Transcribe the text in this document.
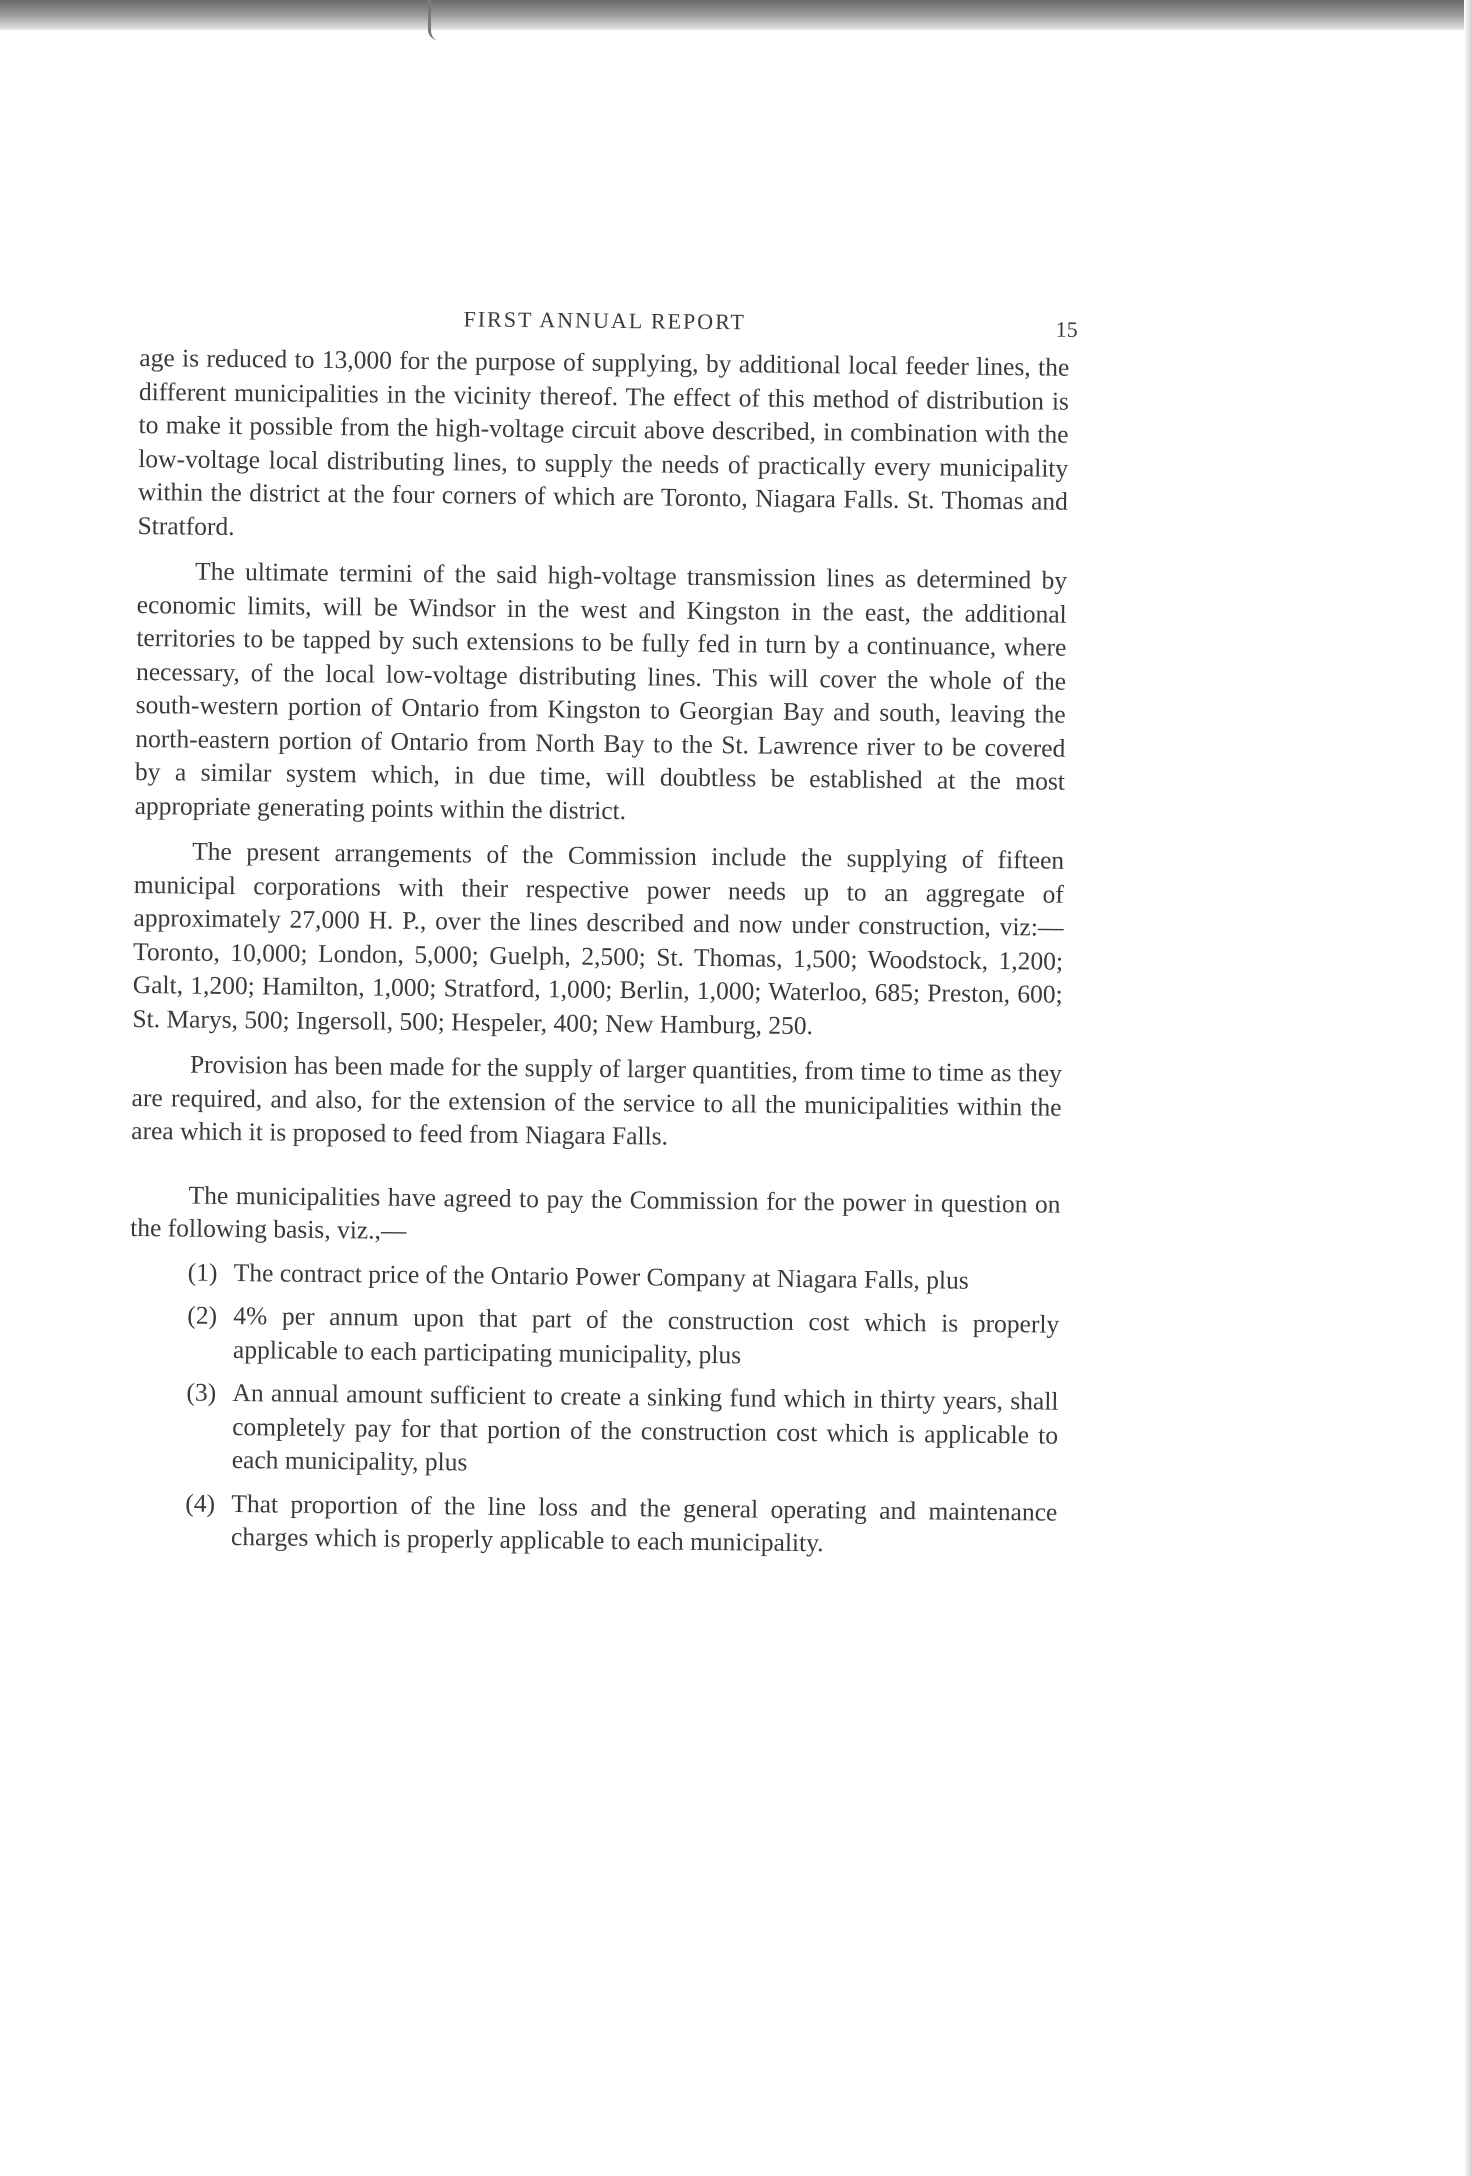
FIRST ANNUAL REPORT	15

age is reduced to 13,000 for the purpose of supplying, by additional local feeder lines, the different municipalities in the vicinity thereof. The effect of this method of distribution is to make it possible from the high-voltage circuit above described, in combination with the low-voltage local distributing lines, to supply the needs of practically every municipality within the district at the four corners of which are Toronto, Niagara Falls. St. Thomas and Stratford.

The ultimate termini of the said high-voltage transmission lines as determined by economic limits, will be Windsor in the west and Kingston in the east, the additional territories to be tapped by such extensions to be fully fed in turn by a continuance, where necessary, of the local low-voltage distributing lines. This will cover the whole of the south-western portion of Ontario from Kingston to Georgian Bay and south, leaving the north-eastern portion of Ontario from North Bay to the St. Lawrence river to be covered by a similar system which, in due time, will doubtless be established at the most appropriate generating points within the district.

The present arrangements of the Commission include the supplying of fifteen municipal corporations with their respective power needs up to an aggregate of approximately 27,000 H. P., over the lines described and now under construction, viz:—Toronto, 10,000; London, 5,000; Guelph, 2,500; St. Thomas, 1,500; Woodstock, 1,200; Galt, 1,200; Hamilton, 1,000; Stratford, 1,000; Berlin, 1,000; Waterloo, 685; Preston, 600; St. Marys, 500; Ingersoll, 500; Hespeler, 400; New Hamburg, 250.

Provision has been made for the supply of larger quantities, from time to time as they are required, and also, for the extension of the service to all the municipalities within the area which it is proposed to feed from Niagara Falls.

The municipalities have agreed to pay the Commission for the power in question on the following basis, viz.,—

(1) The contract price of the Ontario Power Company at Niagara Falls, plus
(2) 4% per annum upon that part of the construction cost which is properly applicable to each participating municipality, plus
(3) An annual amount sufficient to create a sinking fund which in thirty years, shall completely pay for that portion of the construction cost which is applicable to each municipality, plus
(4) That proportion of the line loss and the general operating and maintenance charges which is properly applicable to each municipality.
